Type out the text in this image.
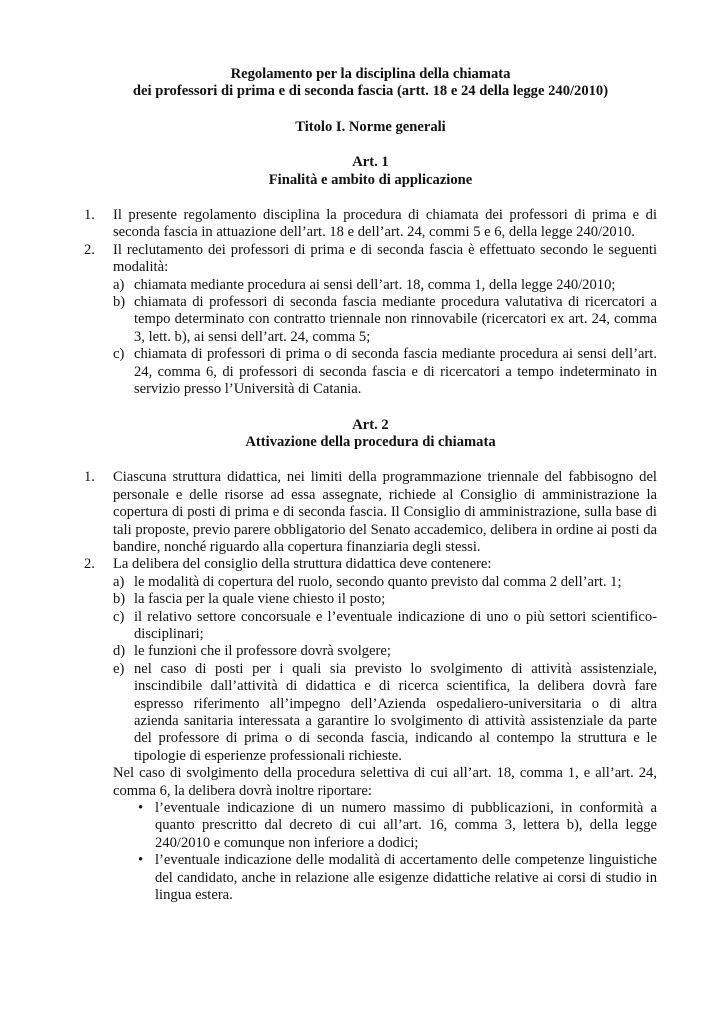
Regolamento per la disciplina della chiamata
dei professori di prima e di seconda fascia (artt. 18 e 24 della legge 240/2010)
Titolo I. Norme generali
Art. 1
Finalità e ambito di applicazione
1. Il presente regolamento disciplina la procedura di chiamata dei professori di prima e di seconda fascia in attuazione dell’art. 18 e dell’art. 24, commi 5 e 6, della legge 240/2010.
2. Il reclutamento dei professori di prima e di seconda fascia è effettuato secondo le seguenti modalità:
a) chiamata mediante procedura ai sensi dell’art. 18, comma 1, della legge 240/2010;
b) chiamata di professori di seconda fascia mediante procedura valutativa di ricercatori a tempo determinato con contratto triennale non rinnovabile (ricercatori ex art. 24, comma 3, lett. b), ai sensi dell’art. 24, comma 5;
c) chiamata di professori di prima o di seconda fascia mediante procedura ai sensi dell’art. 24, comma 6, di professori di seconda fascia e di ricercatori a tempo indeterminato in servizio presso l’Università di Catania.
Art. 2
Attivazione della procedura di chiamata
1. Ciascuna struttura didattica, nei limiti della programmazione triennale del fabbisogno del personale e delle risorse ad essa assegnate, richiede al Consiglio di amministrazione la copertura di posti di prima e di seconda fascia. Il Consiglio di amministrazione, sulla base di tali proposte, previo parere obbligatorio del Senato accademico, delibera in ordine ai posti da bandire, nonché riguardo alla copertura finanziaria degli stessi.
2. La delibera del consiglio della struttura didattica deve contenere:
a) le modalità di copertura del ruolo, secondo quanto previsto dal comma 2 dell’art. 1;
b) la fascia per la quale viene chiesto il posto;
c) il relativo settore concorsuale e l’eventuale indicazione di uno o più settori scientifico-disciplinari;
d) le funzioni che il professore dovrà svolgere;
e) nel caso di posti per i quali sia previsto lo svolgimento di attività assistenziale, inscindibile dall’attività di didattica e di ricerca scientifica, la delibera dovrà fare espresso riferimento all’impegno dell’Azienda ospedaliero-universitaria o di altra azienda sanitaria interessata a garantire lo svolgimento di attività assistenziale da parte del professore di prima o di seconda fascia, indicando al contempo la struttura e le tipologie di esperienze professionali richieste.

Nel caso di svolgimento della procedura selettiva di cui all’art. 18, comma 1, e all’art. 24, comma 6, la delibera dovrà inoltre riportare:

• l’eventuale indicazione di un numero massimo di pubblicazioni, in conformità a quanto prescritto dal decreto di cui all’art. 16, comma 3, lettera b), della legge 240/2010 e comunque non inferiore a dodici;
• l’eventuale indicazione delle modalità di accertamento delle competenze linguistiche del candidato, anche in relazione alle esigenze didattiche relative ai corsi di studio in lingua estera.
